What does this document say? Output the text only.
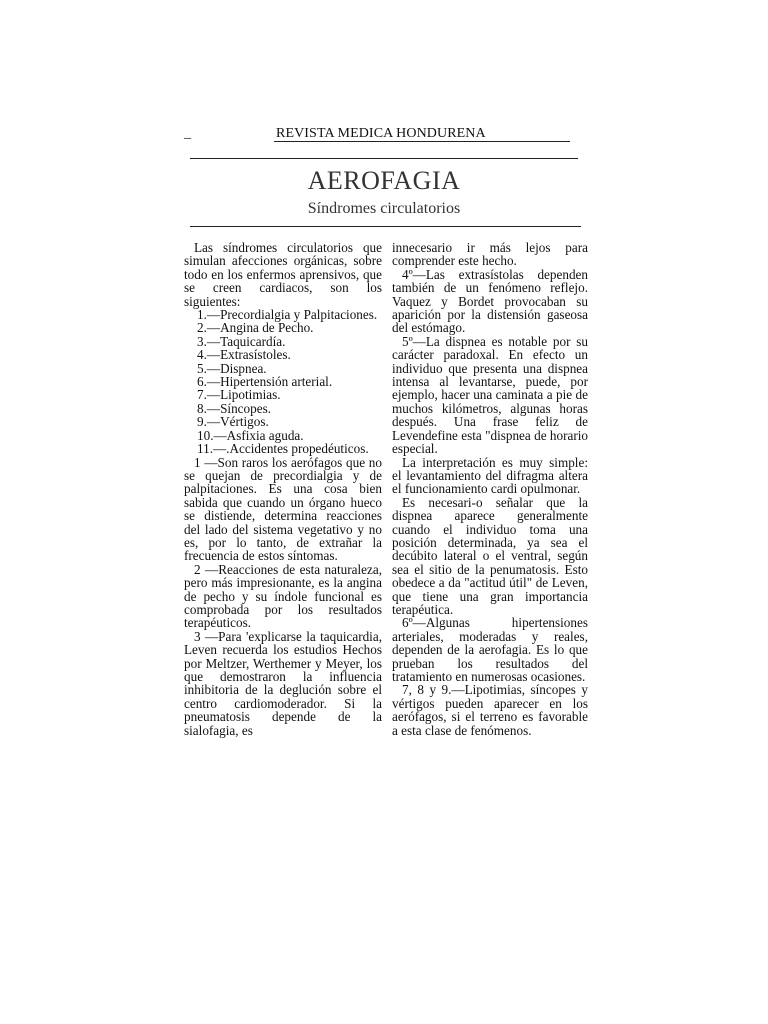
_	REVISTA MEDICA HONDURENA
AEROFAGIA
Síndromes circulatorios

Las síndromes circulatorios que simulan afecciones orgánicas, sobre todo en los enfermos aprensivos, que se creen cardiacos, son los siguientes:

1.—Precordialgia y Palpitaciones.

2.—Angina de Pecho.

3.—Taquicardía.

4.—Extrasístoles.

5.—Dispnea.

6.—Hipertensión arterial.

7.—Lipotimias.

8.—Síncopes.

9.—Vértigos.

10.—Asfixia aguda.

11.—.Accidentes propedéuticos.

1 —Son raros los aerófagos que no se quejan de precordialgia y de palpitaciones. Es una cosa bien sabida que cuando un órgano hueco se distiende, determina reacciones del lado del sistema vegetativo y no es, por lo tanto, de extrañar la frecuencia de estos síntomas.

2 —Reacciones de esta naturaleza, pero más impresionante, es la angina de pecho y su índole funcional es comprobada por los resultados terapéuticos.

3 —Para 'explicarse la taquicardia, Leven recuerda los estudios Hechos por Meltzer, Werthemer y Meyer, los que demostraron la influencia inhibitoria de la deglución sobre el centro cardiomoderador. Si la pneumatosis depende de la sialofagia, es

innecesario ir más lejos para comprender este hecho.

4º—Las extrasístolas dependen también de un fenómeno reflejo. Vaquez y Bordet provocaban su aparición por la distensión gaseosa del estómago.

5º—La dispnea es notable por su carácter paradoxal. En efecto un individuo que presenta una dispnea intensa al levantarse, puede, por ejemplo, hacer una caminata a pie de muchos kilómetros, algunas horas después. Una frase feliz de Levendefine esta "dispnea de horario especial.

La interpretación es muy simple: el levantamiento del difragma altera el funcionamiento cardi opulmonar.

Es necesari-o señalar que la dispnea aparece generalmente cuando el individuo toma una posición determinada, ya sea el decúbito lateral o el ventral, según sea el sitio de la penumatosis. Esto obedece a da "actitud útil" de Leven, que tiene una gran importancia terapéutica.

6º—Algunas hipertensiones arteriales, moderadas y reales, dependen de la aerofagia. Es lo que prueban los resultados del tratamiento en numerosas ocasiones.

7, 8 y 9.—Lipotimias, síncopes y vértigos pueden aparecer en los aerófagos, si el terreno es favorable a esta clase de fenómenos.
